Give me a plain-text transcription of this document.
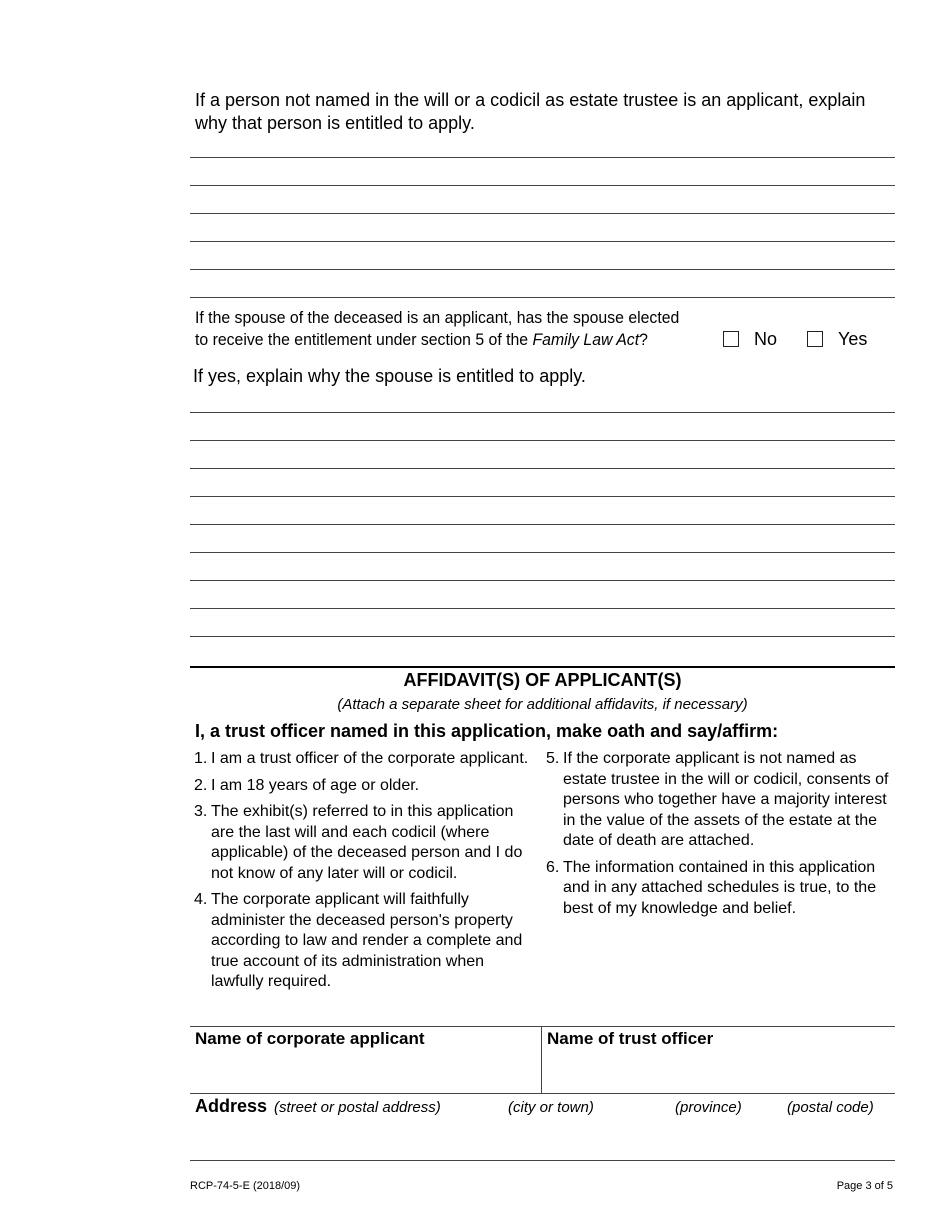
If a person not named in the will or a codicil as estate trustee is an applicant, explain why that person is entitled to apply.
If the spouse of the deceased is an applicant, has the spouse elected
to receive the entitlement under section 5 of the Family Law Act?	No	Yes
If yes, explain why the spouse is entitled to apply.
AFFIDAVIT(S) OF APPLICANT(S)
(Attach a separate sheet for additional affidavits, if necessary)
I, a trust officer named in this application, make oath and say/affirm:
1. I am a trust officer of the corporate applicant.
2. I am 18 years of age or older.
3. The exhibit(s) referred to in this application are the last will and each codicil (where applicable) of the deceased person and I do not know of any later will or codicil.
4. The corporate applicant will faithfully administer the deceased person's property according to law and render a complete and true account of its administration when lawfully required.
5. If the corporate applicant is not named as estate trustee in the will or codicil, consents of persons who together have a majority interest in the value of the assets of the estate at the date of death are attached.
6. The information contained in this application and in any attached schedules is true, to the best of my knowledge and belief.
Name of corporate applicant	Name of trust officer
Address (street or postal address)	(city or town)	(province)	(postal code)
RCP-74-5-E (2018/09)	Page 3 of 5
